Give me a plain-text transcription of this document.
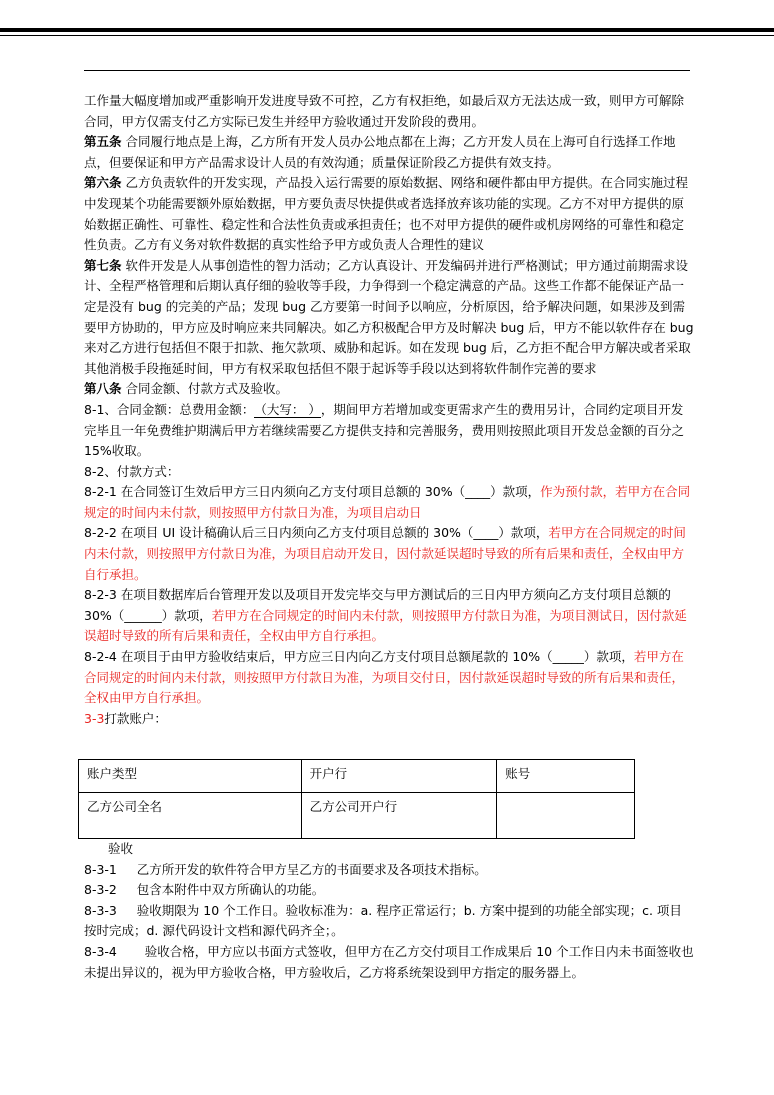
工作量大幅度增加或严重影响开发进度导致不可控，乙方有权拒绝，如最后双方无法达成一致，则甲方可解除合同，甲方仅需支付乙方实际已发生并经甲方验收通过开发阶段的费用。

第五条 合同履行地点是上海，乙方所有开发人员办公地点都在上海；乙方开发人员在上海可自行选择工作地点，但要保证和甲方产品需求设计人员的有效沟通；质量保证阶段乙方提供有效支持。

第六条 乙方负责软件的开发实现，产品投入运行需要的原始数据、网络和硬件都由甲方提供。在合同实施过程中发现某个功能需要额外原始数据，甲方要负责尽快提供或者选择放弃该功能的实现。乙方不对甲方提供的原始数据正确性、可靠性、稳定性和合法性负责或承担责任；也不对甲方提供的硬件或机房网络的可靠性和稳定性负责。乙方有义务对软件数据的真实性给予甲方或负责人合理性的建议

第七条 软件开发是人从事创造性的智力活动；乙方认真设计、开发编码并进行严格测试；甲方通过前期需求设计、全程严格管理和后期认真仔细的验收等手段，力争得到一个稳定满意的产品。这些工作都不能保证产品一定是没有 bug 的完美的产品；发现 bug 乙方要第一时间予以响应，分析原因，给予解决问题，如果涉及到需要甲方协助的，甲方应及时响应来共同解决。如乙方积极配合甲方及时解决 bug 后，甲方不能以软件存在 bug 来对乙方进行包括但不限于扣款、拖欠款项、威胁和起诉。如在发现 bug 后，乙方拒不配合甲方解决或者采取其他消极手段拖延时间，甲方有权采取包括但不限于起诉等手段以达到将软件制作完善的要求

第八条 合同金额、付款方式及验收。

8-1、合同金额：总费用金额：（大写： ），期间甲方若增加或变更需求产生的费用另计，合同约定项目开发完毕且一年免费维护期满后甲方若继续需要乙方提供支持和完善服务，费用则按照此项目开发总金额的百分之 15%收取。

8-2、付款方式：

8-2-1 在合同签订生效后甲方三日内须向乙方支付项目总额的 30%（____）款项，作为预付款，若甲方在合同规定的时间内未付款，则按照甲方付款日为准，为项目启动日

8-2-2 在项目 UI 设计稿确认后三日内须向乙方支付项目总额的 30%（____）款项，若甲方在合同规定的时间内未付款，则按照甲方付款日为准，为项目启动开发日，因付款延误超时导致的所有后果和责任，全权由甲方自行承担。

8-2-3 在项目数据库后台管理开发以及项目开发完毕交与甲方测试后的三日内甲方须向乙方支付项目总额的 30%（______）款项，若甲方在合同规定的时间内未付款，则按照甲方付款日为准，为项目测试日，因付款延误超时导致的所有后果和责任，全权由甲方自行承担。

8-2-4 在项目于由甲方验收结束后，甲方应三日内向乙方支付项目总额尾款的 10%（_____）款项，若甲方在合同规定的时间内未付款，则按照甲方付款日为准，为项目交付日，因付款延误超时导致的所有后果和责任，全权由甲方自行承担。

3-3打款账户：

账户类型	开户行	账号
乙方公司全名	乙方公司开户行	

验收

8-3-1 乙方所开发的软件符合甲方呈乙方的书面要求及各项技术指标。

8-3-2 包含本附件中双方所确认的功能。

8-3-3 验收期限为 10 个工作日。验收标准为：a. 程序正常运行；b. 方案中提到的功能全部实现；c. 项目按时完成；d. 源代码设计文档和源代码齐全；。

8-3-4 验收合格，甲方应以书面方式签收，但甲方在乙方交付项目工作成果后 10 个工作日内未书面签收也未提出异议的，视为甲方验收合格，甲方验收后，乙方将系统架设到甲方指定的服务器上。
